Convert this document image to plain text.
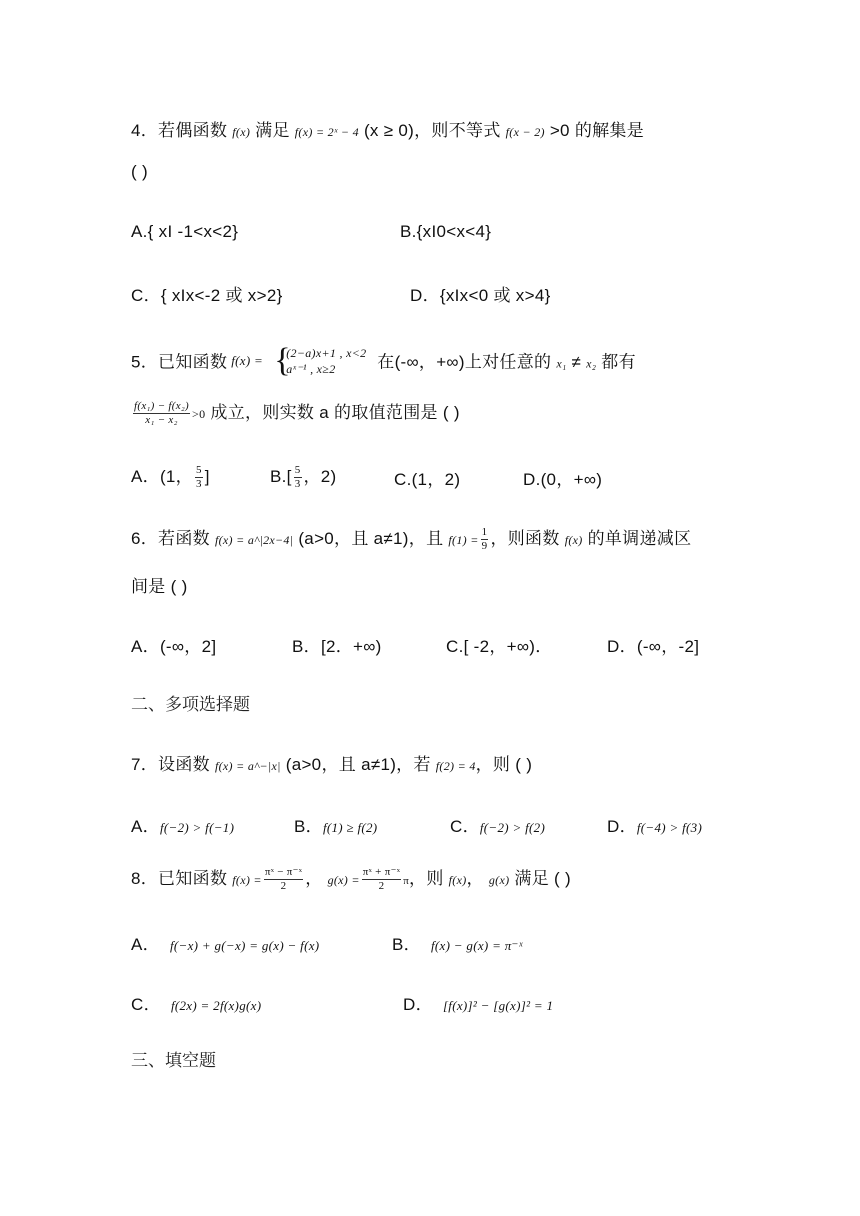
4．若偶函数 f(x) 满足 f(x) = 2ˣ − 4 (x ≥ 0)，则不等式 f(x − 2) >0 的解集是
( )
A.{ xI -1<x<2}	B.{xI0<x<4}
C．{ xIx<-2 或 x>2}	D．{xIx<0 或 x>4}
5．已知函数 f(x) = {
(2−a)x+1 , x<2
aˣ⁻¹ , x≥2 在(-∞，+∞)上对任意的 x₁ ≠ x₂ 都有
$\frac{\text{f(x₁) − f(x₂)}}{\text{x₁ − x₂}} >0$ 成立，则实数 a 的取值范围是 ( )
A．(1， $\frac{5}{3}$ ]	$B.[ \frac{5}{3}$ ，2)	C.(1，2)	D.(0，+∞)
6．若函数 f(x) = a^|2x−4| (a>0，且 a≠1)，且 $f(1) = \frac{1}{9}$ ，则函数 f(x) 的单调递减区
间是 ( )
A．(-∞，2]	B．[2．+∞)	C.[ -2，+∞)．	D．(-∞，-2]
二、多项选择题
7．设函数 f(x) = a^−|x| (a>0，且 a≠1)，若 f(2) = 4，则 ( )
A．f(−2) > f(−1)	B．f(1) ≥ f(2)	C．f(−2) > f(2)	D．f(−4) > f(3)
8．已知函数 $f(x) = \frac{\text{πˣ − π⁻ˣ}}{2}$ ， $g(x) = \frac{\text{πˣ + π⁻ˣ}}{2}$ π，则 f(x)， g(x) 满足 ( )
A． f(−x) + g(−x) = g(x) − f(x)	B． f(x) − g(x) = π⁻ˣ
C． f(2x) = 2f(x)g(x)	D． [f(x)]² − [g(x)]² = 1
三、填空题
